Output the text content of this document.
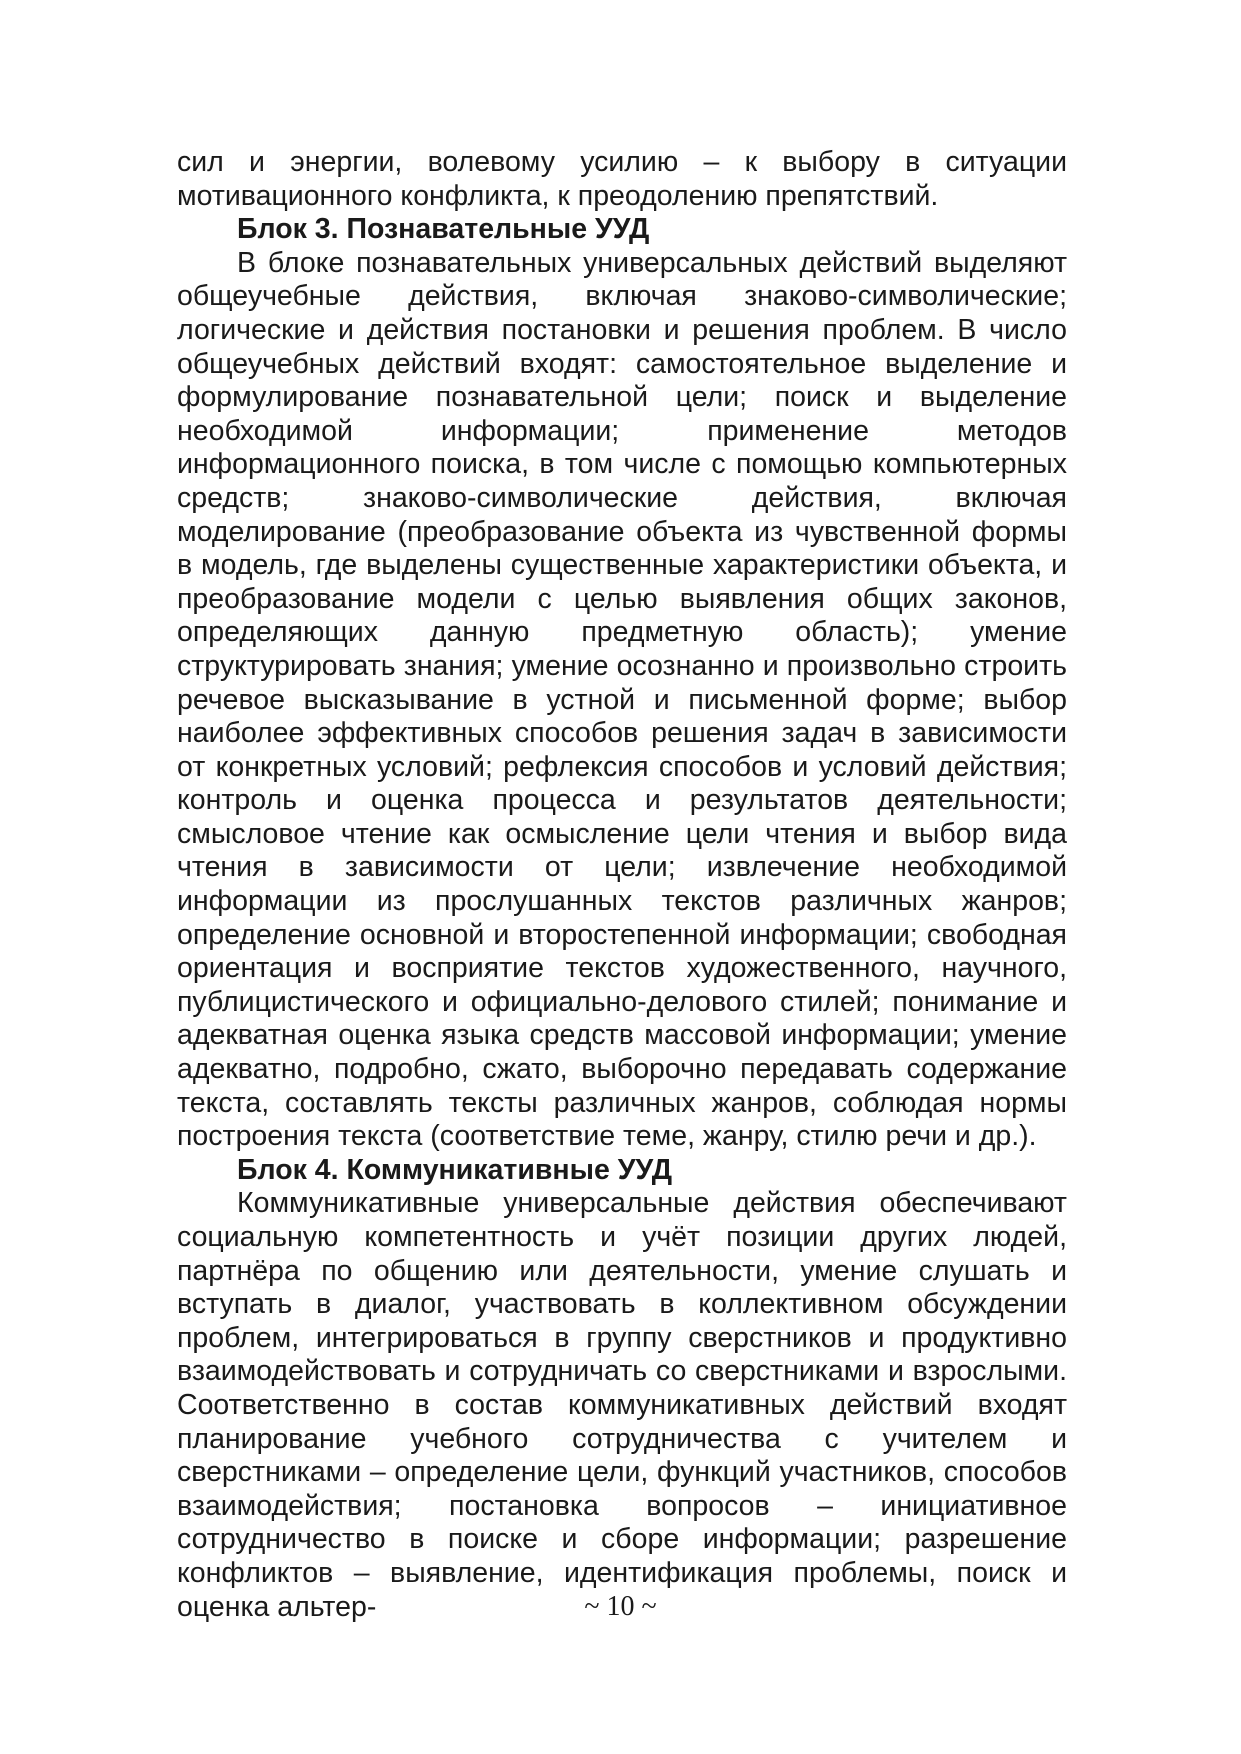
сил и энергии, волевому усилию – к выбору в ситуации мотивационного конфликта, к преодолению препятствий.

Блок 3. Познавательные УУД

В блоке познавательных универсальных действий выделяют общеучебные действия, включая знаково-символические; логические и действия постановки и решения проблем. В число общеучебных действий входят: самостоятельное выделение и формулирование познавательной цели; поиск и выделение необходимой информации; применение методов информационного поиска, в том числе с помощью компьютерных средств; знаково-символические действия, включая моделирование (преобразование объекта из чувственной формы в модель, где выделены существенные характеристики объекта, и преобразование модели с целью выявления общих законов, определяющих данную предметную область); умение структурировать знания; умение осознанно и произвольно строить речевое высказывание в устной и письменной форме; выбор наиболее эффективных способов решения задач в зависимости от конкретных условий; рефлексия способов и условий действия; контроль и оценка процесса и результатов деятельности; смысловое чтение как осмысление цели чтения и выбор вида чтения в зависимости от цели; извлечение необходимой информации из прослушанных текстов различных жанров; определение основной и второстепенной информации; свободная ориентация и восприятие текстов художественного, научного, публицистического и официально-делового стилей; понимание и адекватная оценка языка средств массовой информации; умение адекватно, подробно, сжато, выборочно передавать содержание текста, составлять тексты различных жанров, соблюдая нормы построения текста (соответствие теме, жанру, стилю речи и др.).

Блок 4. Коммуникативные УУД

Коммуникативные универсальные действия обеспечивают социальную компетентность и учёт позиции других людей, партнёра по общению или деятельности, умение слушать и вступать в диалог, участвовать в коллективном обсуждении проблем, интегрироваться в группу сверстников и продуктивно взаимодействовать и сотрудничать со сверстниками и взрослыми. Соответственно в состав коммуникативных действий входят планирование учебного сотрудничества с учителем и сверстниками – определение цели, функций участников, способов взаимодействия; постановка вопросов – инициативное сотрудничество в поиске и сборе информации; разрешение конфликтов – выявление, идентификация проблемы, поиск и оценка альтер-	~ 10 ~
